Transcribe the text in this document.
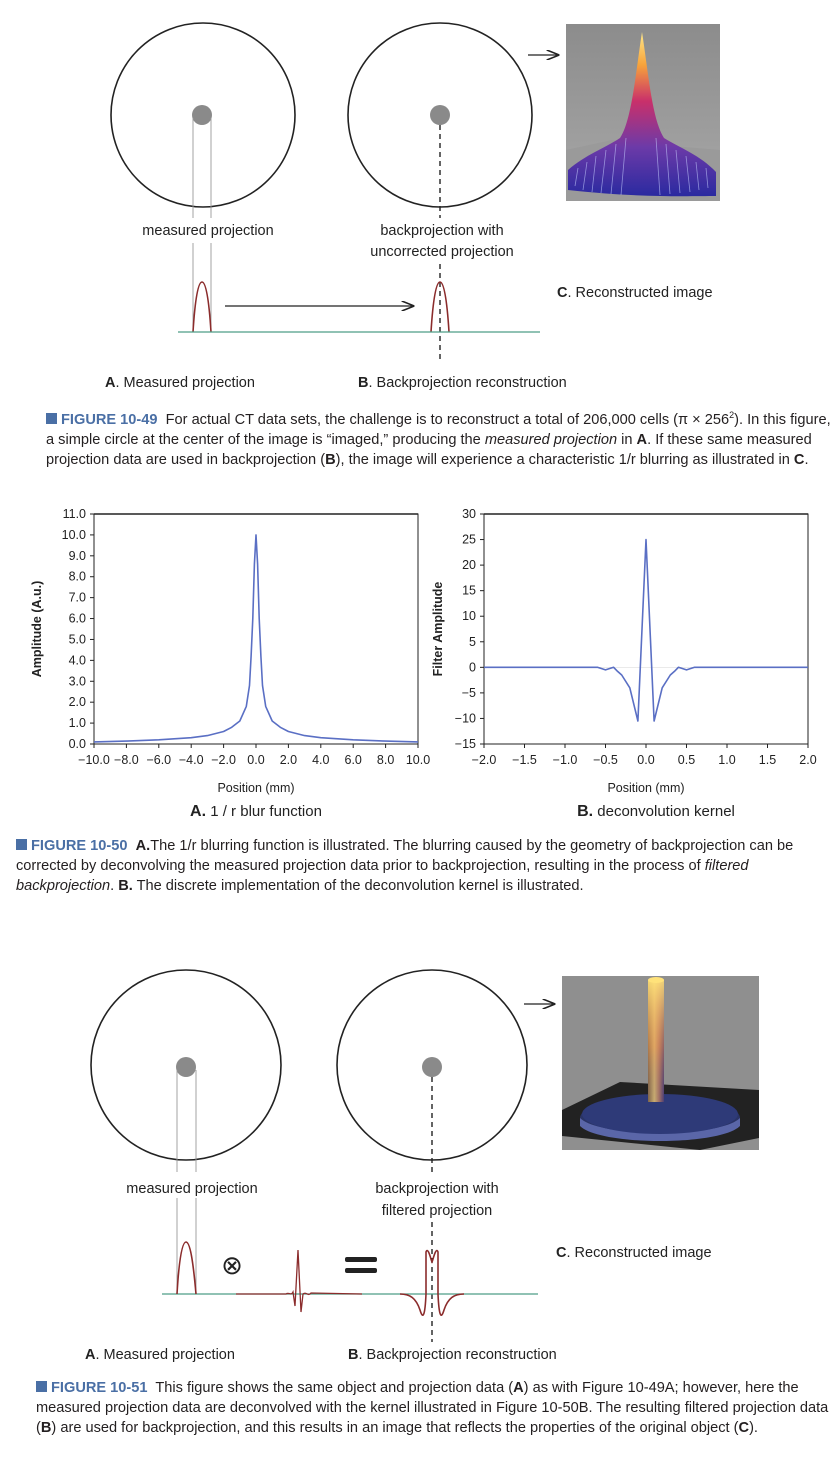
measured projection	backprojection with
uncorrected projection
C. Reconstructed image
A. Measured projection	B. Backprojection reconstruction
FIGURE 10-49 For actual CT data sets, the challenge is to reconstruct a total of 206,000 cells $(\pi \times 256^2)$. In this figure, a simple circle at the center of the image is “imaged,” producing the measured projection in A. If these same measured projection data are used in backprojection (B), the image will experience a characteristic 1/r blurring as illustrated in C.
0.0
1.0
2.0
3.0
4.0
5.0
6.0
7.0
8.0
9.0
10.0
11.0
−10.0 −8.0 −6.0 −4.0 −2.0 0.0 2.0 4.0 6.0 8.0 10.0
Position (mm)
Amplitude (A.u.)
A. 1 / r blur function
−15
−10
−5
0
5
10
15
20
25
30
−2.0 −1.5 −1.0 −0.5 0.0 0.5 1.0 1.5 2.0
Position (mm)
Filter Amplitude
B. deconvolution kernel
FIGURE 10-50 A.The 1/r blurring function is illustrated. The blurring caused by the geometry of backprojection can be corrected by deconvolving the measured projection data prior to backprojection, resulting in the process of filtered backprojection. B. The discrete implementation of the deconvolution kernel is illustrated.
measured projection	backprojection with
filtered projection
⊗	C. Reconstructed image
A. Measured projection	B. Backprojection reconstruction
FIGURE 10-51 This figure shows the same object and projection data (A) as with Figure 10-49A; however, here the measured projection data are deconvolved with the kernel illustrated in Figure 10-50B. The resulting filtered projection data (B) are used for backprojection, and this results in an image that reflects the properties of the original object (C).
